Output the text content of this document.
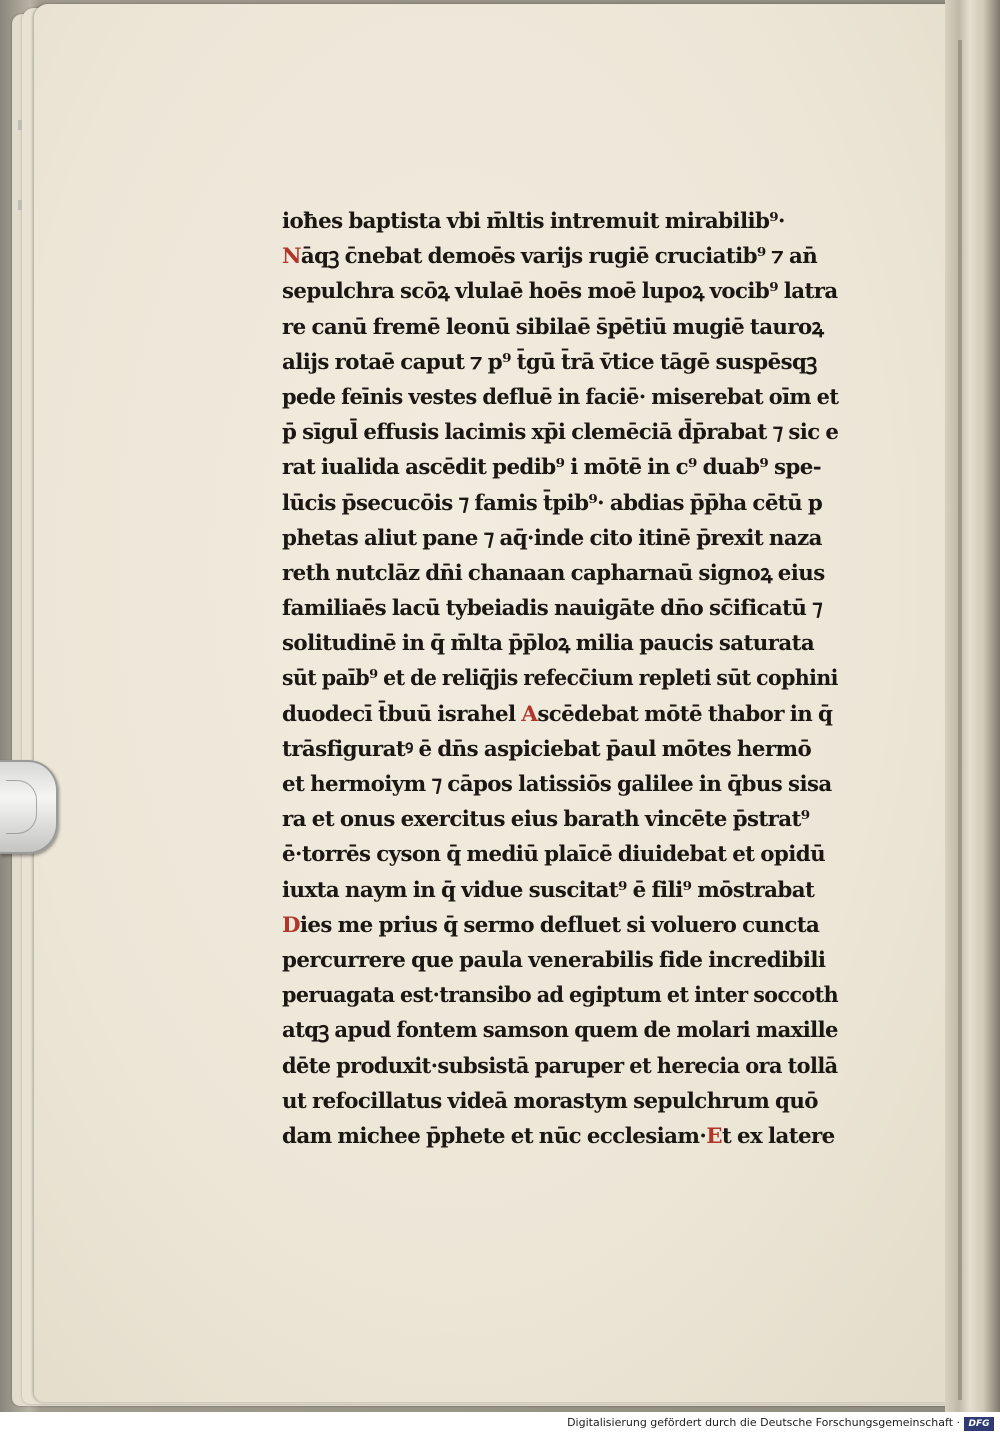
ioħes baptista vbi m̄ltis intremuit mirabilib⁹·
Nāqꝫ c̄nebat demoēs varijs rugiē cruciatib⁹ ⁊ an̄
sepulchra scōꝝ vlulaē hoēs moē lupoꝝ vocib⁹ latra
re canū fremē leonū sibilaē s̄pētiū mugiē tauroꝝ
alijs rotaē caput ⁊ p⁹ t̄gū t̄rā v̄tice tāgē suspēsqꝫ
pede feīnis vestes defluē in faciē· miserebat oīm et
p̄ sīgul̄ effusis lacimis xp̄i clemēciā d̄p̄rabat ⁊ sic e
rat iualida ascēdit pedib⁹ i mōtē in c⁹ duab⁹ spe‐
lūcis p̄secucōis ⁊ famis t̄pib⁹· abdias p̄p̄ha cētū p
phetas aliut pane ⁊ aq̄·inde cito itinē p̄rexit naza
reth nutclāz dn̄i chanaan capharnaū signoꝝ eius
familiaēs lacū tybeiadis nauigāte dn̄o sc̄ificatū ⁊
solitudinē in q̄ m̄lta p̄p̄loꝝ milia paucis saturata
sūt paīb⁹ et de reliq̄jis refecc̄ium repleti sūt cophini
duodecī t̄buū israhel Ascēdebat mōtē thabor in q̄
trāsfiguratꝰ ē dn̄s aspiciebat p̄aul mōtes hermō
et hermoiym ⁊ cāpos latissiōs galilee in q̄bus sisa
ra et onus exercitus eius barath vincēte p̄strat⁹
ē·torrēs cyson q̄ mediū plaīcē diuidebat et opidū
iuxta naym in q̄ vidue suscitat⁹ ē fili⁹ mōstrabat
Dies me prius q̄ sermo defluet si voluero cuncta
percurrere que paula venerabilis fide incredibili
peruagata est·transibo ad egiptum et inter soccoth
atqꝫ apud fontem samson quem de molari maxille
dēte produxit·subsistā paruper et herecia ora tollā
ut refocillatus videā morastym sepulchrum quō
dam michee p̄phete et nūc ecclesiam·Et ex latere
Digitalisierung gefördert durch die Deutsche Forschungsgemeinschaft · DFG
